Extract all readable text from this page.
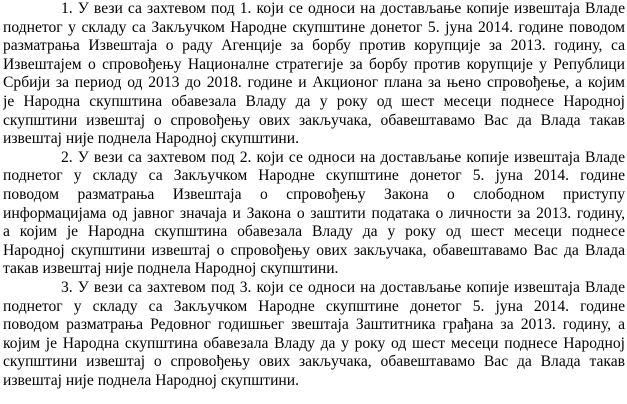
1. У вези са захтевом под 1. који се односи на достављање копије извештаја Владе
поднетог у складу са Закључком Народне скупштине донетог 5. јуна 2014. године поводом
разматрања Извештаја о раду Агенције за борбу против корупције за 2013. годину, са
Извештајем о спровођењу Националне стратегије за борбу против корупције у Републици
Србији за период од 2013 до 2018. године и Акционог плана за њено спровођење, а којим
је Народна скупштина обавезала Владу да у року од шест месеци поднесе Народној
скупштини извештај о спровођењу ових закључака, обавештавамо Вас да Влада такав
извештај није поднела Народној скупштини.
2. У вези са захтевом под 2. који се односи на достављање копије извештаја Владе
поднетог у складу са Закључком Народне скупштине донетог 5. јуна 2014. године
поводом разматрања Извештаја о спровођењу Закона о слободном приступу
информацијама од јавног значаја и Закона о заштити података о личности за 2013. годину,
а којим је Народна скупштина обавезала Владу да у року од шест месеци поднесе
Народној скупштини извештај о спровођењу ових закључака, обавештавамо Вас да Влада
такав извештај није поднела Народној скупштини.
3. У вези са захтевом под 3. који се односи на достављање копије извештаја Владе
поднетог у складу са Закључком Народне скупштине донетог 5. јуна 2014. године
поводом разматрања Редовног годишњег звештаја Заштитника грађана за 2013. годину, а
којим је Народна скупштина обавезала Владу да у року од шест месеци поднесе Народној
скупштини извештај о спровођењу ових закључака, обавештавамо Вас да Влада такав
извештај није поднела Народној скупштини.
